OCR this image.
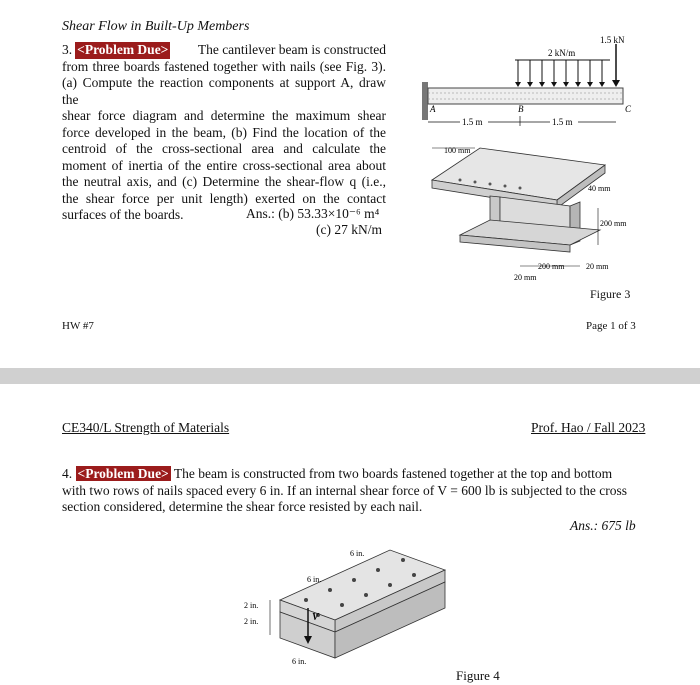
Shear Flow in Built-Up Members
3. <Problem Due>	The cantilever beam is constructed
from three boards fastened together with nails (see Fig. 3).
(a) Compute the reaction components at support A, draw the
shear force diagram and determine the maximum shear
force developed in the beam, (b) Find the location of the
centroid of the cross-sectional area and calculate the
moment of inertia of the entire cross-sectional area about
the neutral axis, and (c) Determine the shear-flow q (i.e.,
the shear force per unit length) exerted on the contact
surfaces of the boards.	Ans.: (b) 53.33×10⁻⁶ m⁴
(c) 27 kN/m
2 kN/m
1.5 kN
A	B	C
1.5 m	1.5 m
100 mm
40 mm
200 mm
200 mm	20 mm
20 mm
Figure 3
HW #7	Page 1 of 3
CE340/L Strength of Materials	Prof. Hao / Fall 2023
4. <Problem Due> The beam is constructed from two boards fastened together at the top and bottom
with two rows of nails spaced every 6 in. If an internal shear force of V = 600 lb is subjected to the cross
section considered, determine the shear force resisted by each nail.
Ans.: 675 lb
V
6 in.
6 in.
6 in.
2 in.
2 in.
Figure 4
